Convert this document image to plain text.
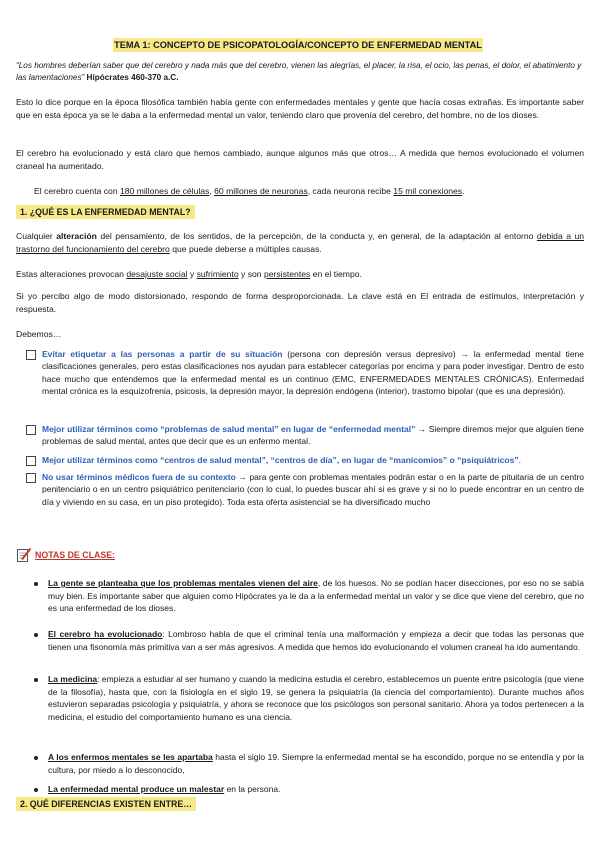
TEMA 1: CONCEPTO DE PSICOPATOLOGÍA/CONCEPTO DE ENFERMEDAD MENTAL
“Los hombres deberían saber que del cerebro y nada más que del cerebro, vienen las alegrías, el placer, la risa, el ocio, las penas, el dolor, el abatimiento y las lamentaciones” Hipócrates 460-370 a.C.

Esto lo dice porque en la época filosófica también había gente con enfermedades mentales y gente que hacía cosas extrañas. Es importante saber que en esta época ya se le daba a la enfermedad mental un valor, teniendo claro que provenía del cerebro, del hombre, no de los dioses.

El cerebro ha evolucionado y está claro que hemos cambiado, aunque algunos más que otros… A medida que hemos evolucionado el volumen craneal ha aumentado.

El cerebro cuenta con 180 millones de células, 60 millones de neuronas, cada neurona recibe 15 mil conexiones.

1. ¿QUÉ ES LA ENFERMEDAD MENTAL?

Cualquier alteración del pensamiento, de los sentidos, de la percepción, de la conducta y, en general, de la adaptación al entorno debida a un trastorno del funcionamiento del cerebro que puede deberse a múltiples causas.

Estas alteraciones provocan desajuste social y sufrimiento y son persistentes en el tiempo.

Si yo percibo algo de modo distorsionado, respondo de forma desproporcionada. La clave está en El entrada de estímulos, interpretación y respuesta.

Debemos…

Evitar etiquetar a las personas a partir de su situación (persona con depresión versus depresivo) → la enfermedad mental tiene clasificaciones generales, pero estas clasificaciones nos ayudan para establecer categorías por encima y para poder investigar. Dentro de esto hace mucho que entendemos que la enfermedad mental es un continuo (EMC, ENFERMEDADES MENTALES CRÓNICAS). Enfermedad mental crónica es la esquizofrenia, psicosis, la depresión mayor, la depresión endógena (interior), trastorno bipolar (que es una depresión).

Mejor utilizar términos como “problemas de salud mental” en lugar de “enfermedad mental” → Siempre diremos mejor que alguien tiene problemas de salud mental, antes que decir que es un enfermo mental.

Mejor utilizar términos como “centros de salud mental”, “centros de día”, en lugar de “manicomios” o “psiquiátricos”.

No usar términos médicos fuera de su contexto → para gente con problemas mentales podrán estar o en la parte de pituitaria de un centro penitenciario o en un centro psiquiátrico penitenciario (con lo cual, lo puedes buscar ahí si es grave y si no lo puede encontrar en un centro de día y viviendo en su casa, en un piso protegido). Toda esta oferta asistencial se ha diversificado mucho

NOTAS DE CLASE:

La gente se planteaba que los problemas mentales vienen del aire, de los huesos. No se podían hacer disecciones, por eso no se sabía muy bien. Es importante saber que alguien como Hipócrates ya le da a la enfermedad mental un valor y se dice que viene del cerebro, que no es una enfermedad de los dioses.

El cerebro ha evolucionado: Lombroso habla de que el criminal tenía una malformación y empieza a decir que todas las personas que tienen una fisonomía más primitiva van a ser más agresivos. A medida que hemos ido evolucionando el volumen craneal ha ido aumentando.

La medicina: empieza a estudiar al ser humano y cuando la medicina estudia el cerebro, establecemos un puente entre psicología (que viene de la filosofía), hasta que, con la fisiología en el siglo 19, se genera la psiquiatría (la ciencia del comportamiento). Durante muchos años estuvieron separadas psicología y psiquiatría, y ahora se reconoce que los psicólogos son personal sanitario. Ahora ya todos pertenecen a la medicina, el estudio del comportamiento humano es una ciencia.

A los enfermos mentales se les apartaba hasta el siglo 19. Siempre la enfermedad mental se ha escondido, porque no se entendía y por la cultura, por miedo a lo desconocido,

La enfermedad mental produce un malestar en la persona.

2. QUÉ DIFERENCIAS EXISTEN ENTRE…
